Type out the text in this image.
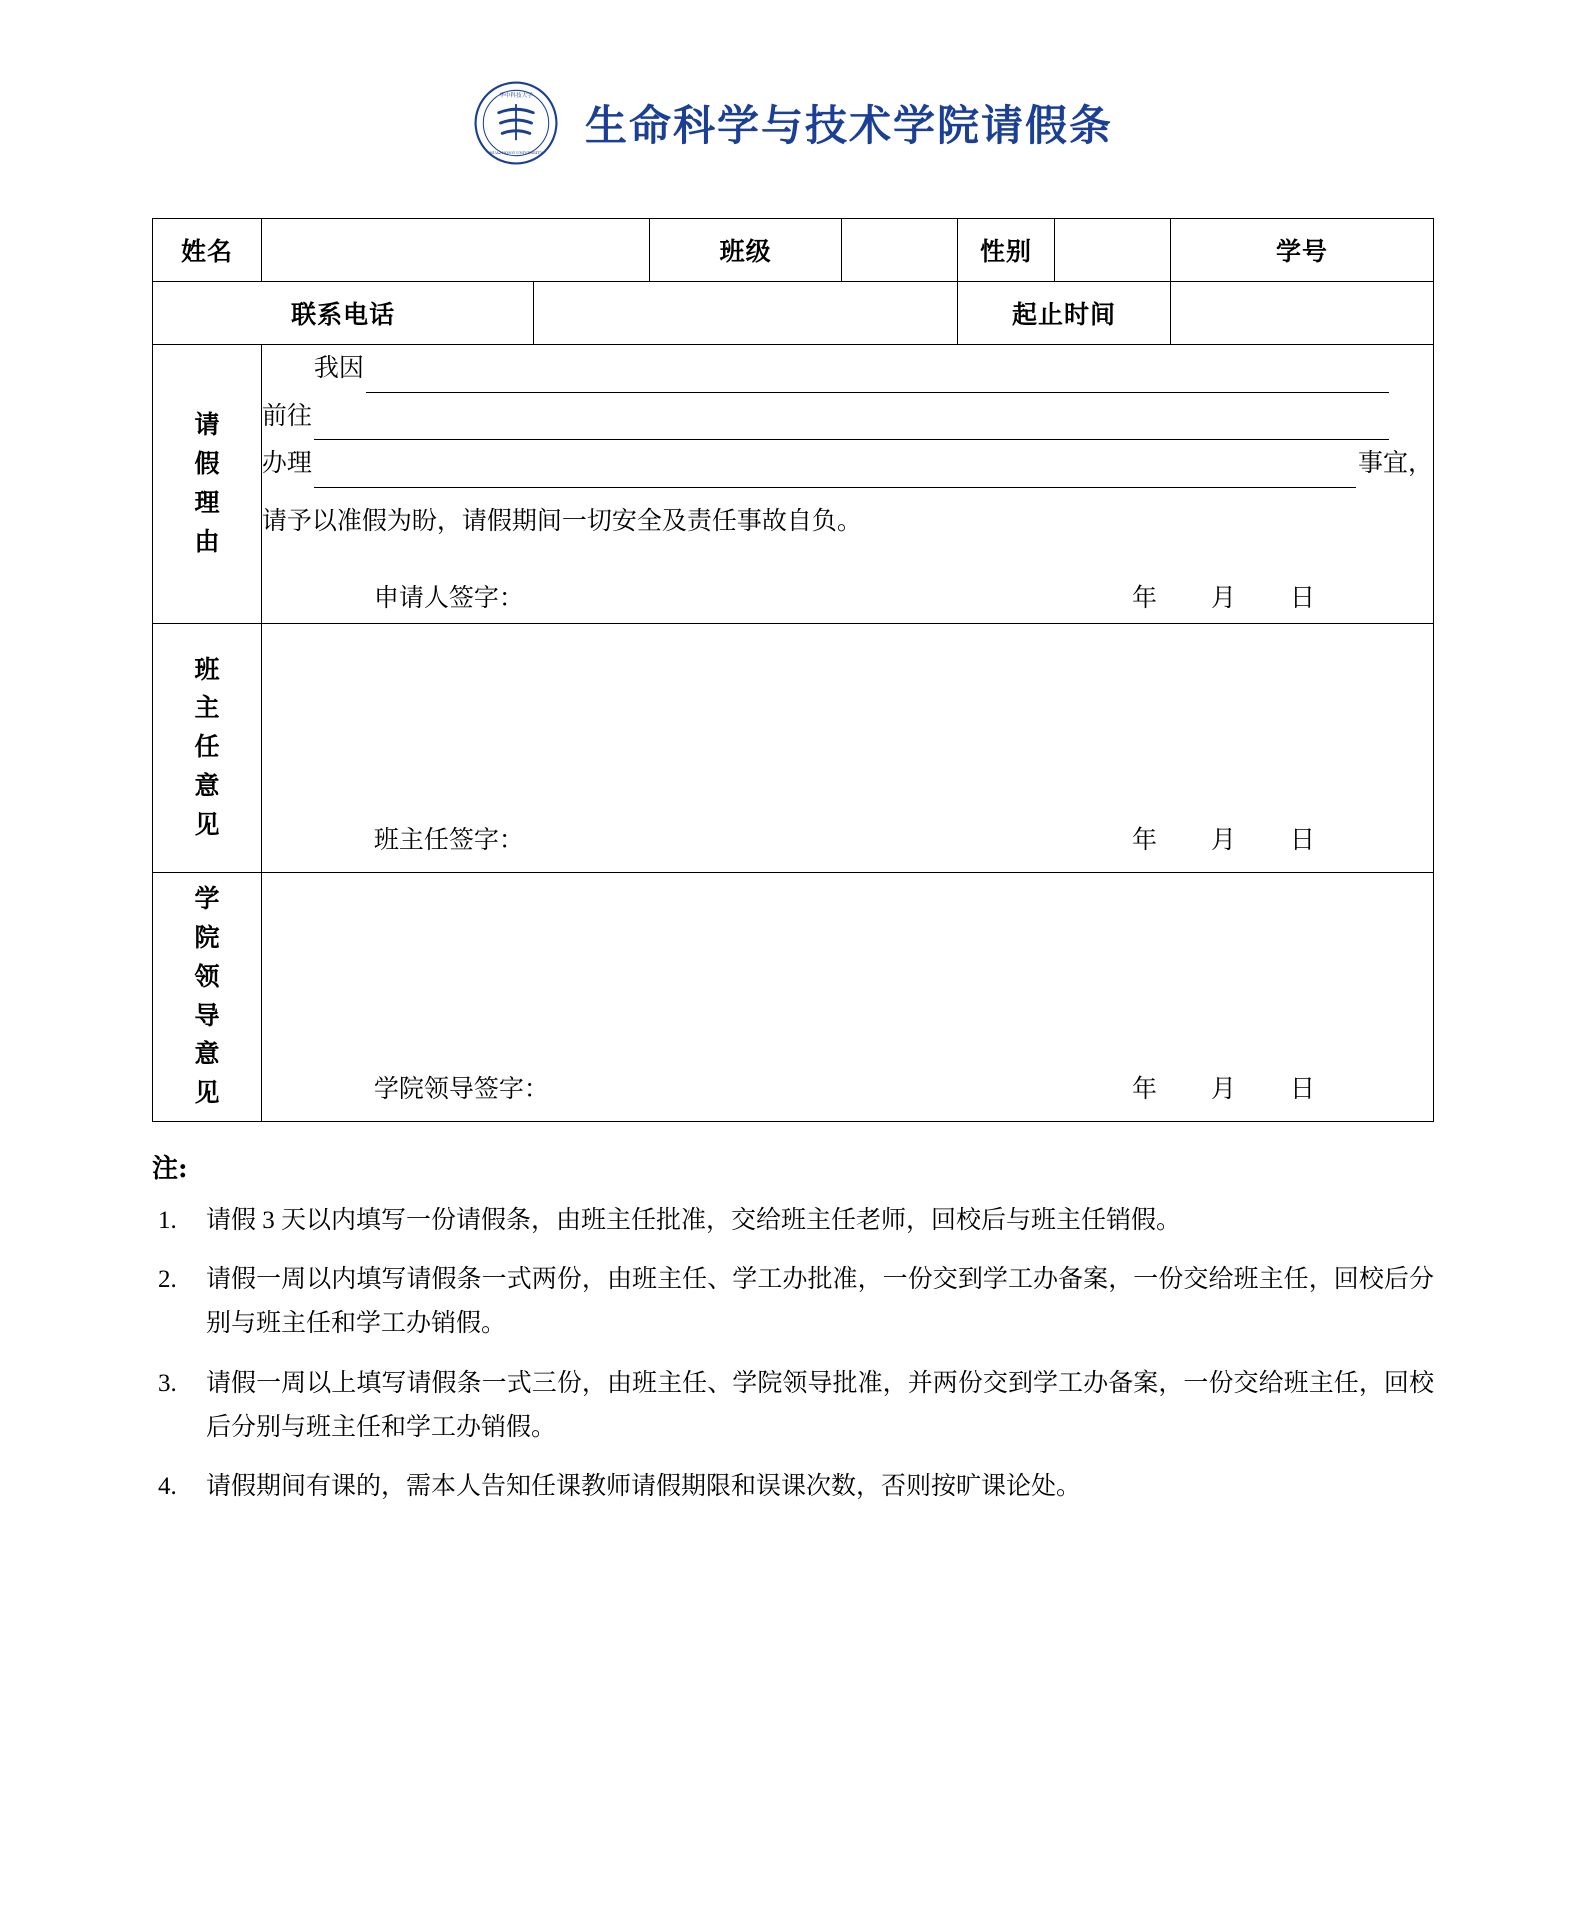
华中科技大学
HUAZHONG UNIVERSITY
生命科学与技术学院请假条
姓名			班级		性别		学号
联系电话					起止时间		

请
假
理
由

我因
前往
办理	事宜，
请予以准假为盼，请假期间一切安全及责任事故自负。
申请人签字：	年 月 日

班
主
任
意
见	班主任签字： 年 月 日						

学
院
领
导
意
见	学院领导签字：	年 月 日
注:
1.	请假 3 天以内填写一份请假条，由班主任批准，交给班主任老师，回校后与班主任销假。
2.	请假一周以内填写请假条一式两份，由班主任、学工办批准，一份交到学工办备案，一份交给班主任，回校后分别与班主任和学工办销假。
3.	请假一周以上填写请假条一式三份，由班主任、学院领导批准，并两份交到学工办备案，一份交给班主任，回校后分别与班主任和学工办销假。
4.	请假期间有课的，需本人告知任课教师请假期限和误课次数，否则按旷课论处。
